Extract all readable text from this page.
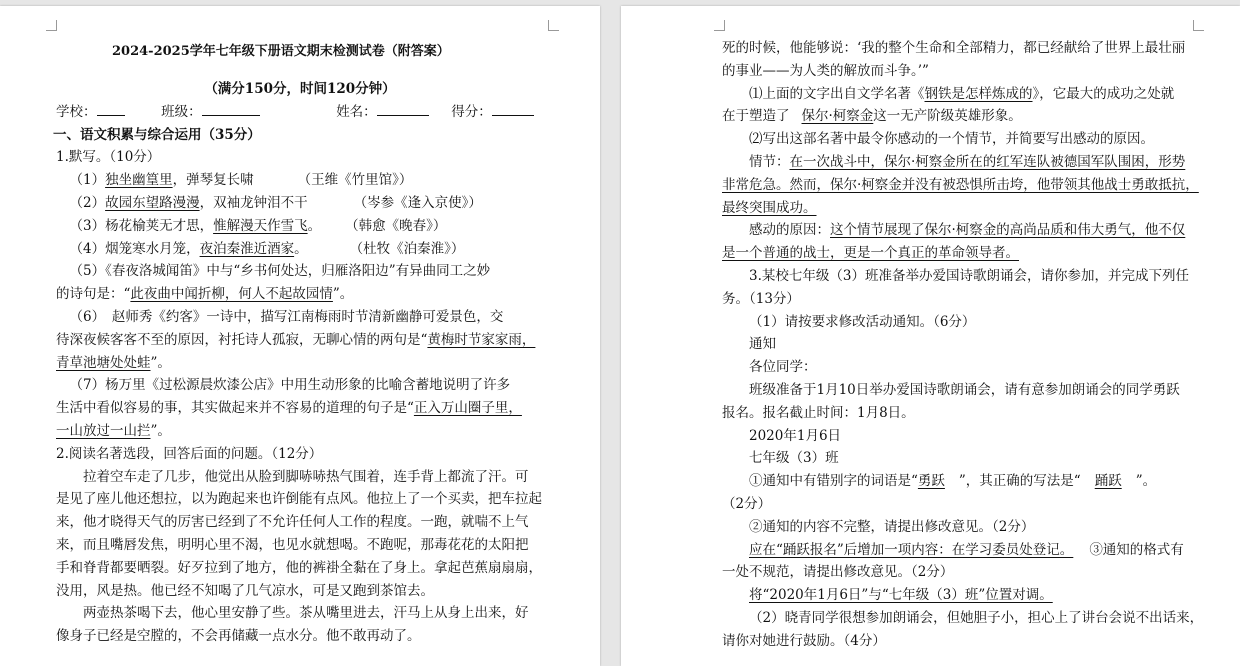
2024-2025学年七年级下册语文期末检测试卷（附答案）
（满分150分，时间120分钟）
学校：	班级：	姓名：	得分：
一、语文积累与综合运用（35分）
1.默写。（10分）
（1）独坐幽篁里，弹琴复长啸	（王维《竹里馆》）
（2）故园东望路漫漫，双袖龙钟泪不干	（岑参《逢入京使》）
（3）杨花榆荚无才思，惟解漫天作雪飞。 （韩愈《晚春》）
（4）烟笼寒水月笼，夜泊秦淮近酒家。	（杜牧《泊秦淮》）
（5）《春夜洛城闻笛》中与“乡书何处达，归雁洛阳边”有异曲同工之妙
的诗句是：“此夜曲中闻折柳，何人不起故园情”。
（6）　赵师秀《约客》一诗中，描写江南梅雨时节清新幽静可爱景色，交
待深夜候客客不至的原因，衬托诗人孤寂，无聊心情的两句是“黄梅时节家家雨，
青草池塘处处蛙”。
（7）杨万里《过松源晨炊漆公店》中用生动形象的比喻含蓄地说明了许多
生活中看似容易的事，其实做起来并不容易的道理的句子是“正入万山圈子里，
一山放过一山拦”。
2.阅读名著选段，回答后面的问题。（12分）
拉着空车走了几步，他觉出从脸到脚哧哧热气围着，连手背上都流了汗。可
是见了座儿他还想拉，以为跑起来也许倒能有点风。他拉上了一个买卖，把车拉起
来，他才晓得天气的厉害已经到了不允许任何人工作的程度。一跑，就喘不上气
来，而且嘴唇发焦，明明心里不渴，也见水就想喝。不跑呢，那毒花花的太阳把
手和脊背都要晒裂。好歹拉到了地方，他的裤褂全黏在了身上。拿起芭蕉扇扇扇，
没用，风是热。他已经不知喝了几气凉水，可是又跑到茶馆去。
两壶热茶喝下去，他心里安静了些。茶从嘴里进去，汗马上从身上出来，好
像身子已经是空膛的，不会再储藏一点水分。他不敢再动了。
死的时候，他能够说：‘我的整个生命和全部精力，都已经献给了世界上最壮丽
的事业——为人类的解放而斗争。’”
⑴上面的文字出自文学名著《钢铁是怎样炼成的》，它最大的成功之处就
在于塑造了 保尔·柯察金这一无产阶级英雄形象。
⑵写出这部名著中最令你感动的一个情节，并简要写出感动的原因。
情节：在一次战斗中，保尔·柯察金所在的红军连队被德国军队围困，形势
非常危急。然而，保尔·柯察金并没有被恐惧所击垮，他带领其他战士勇敢抵抗，
最终突围成功。
感动的原因：这个情节展现了保尔·柯察金的高尚品质和伟大勇气，他不仅
是一个普通的战士，更是一个真正的革命领导者。
3.某校七年级（3）班准备举办爱国诗歌朗诵会，请你参加，并完成下列任
务。（13分）
（1）请按要求修改活动通知。（6分）
通知
各位同学：
班级准备于1月10日举办爱国诗歌朗诵会，请有意参加朗诵会的同学勇跃
报名。报名截止时间：1月8日。
2020年1月6日
七年级（3）班
①通知中有错别字的词语是“勇跃 ”，其正确的写法是“ 踊跃 ”。
（2分）
②通知的内容不完整，请提出修改意见。（2分）
应在“踊跃报名”后增加一项内容：在学习委员处登记。 ③通知的格式有
一处不规范，请提出修改意见。（2分）
将“2020年1月6日”与“七年级（3）班”位置对调。
（2）晓青同学很想参加朗诵会，但她胆子小，担心上了讲台会说不出话来，
请你对她进行鼓励。（4分）
